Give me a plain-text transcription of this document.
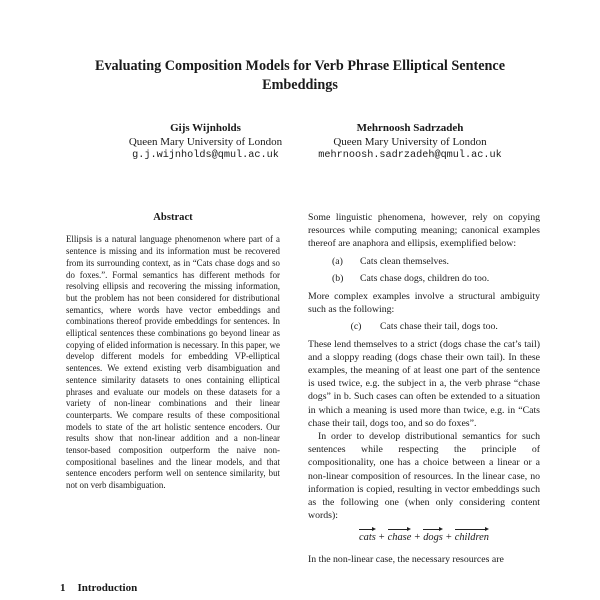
Evaluating Composition Models for Verb Phrase Elliptical Sentence Embeddings
Gijs Wijnholds
Queen Mary University of London
g.j.wijnholds@qmul.ac.uk
Mehrnoosh Sadrzadeh
Queen Mary University of London
mehrnoosh.sadrzadeh@qmul.ac.uk
Abstract
Ellipsis is a natural language phenomenon where part of a sentence is missing and its information must be recovered from its surrounding context, as in “Cats chase dogs and so do foxes.”. Formal semantics has different methods for resolving ellipsis and recovering the missing information, but the problem has not been considered for distributional semantics, where words have vector embeddings and combinations thereof provide embeddings for sentences. In elliptical sentences these combinations go beyond linear as copying of elided information is necessary. In this paper, we develop different models for embedding VP-elliptical sentences. We extend existing verb disambiguation and sentence similarity datasets to ones containing elliptical phrases and evaluate our models on these datasets for a variety of non-linear combinations and their linear counterparts. We compare results of these compositional models to state of the art holistic sentence encoders. Our results show that non-linear addition and a non-linear tensor-based composition outperform the naive non-compositional baselines and the linear models, and that sentence encoders perform well on sentence similarity, but not on verb disambiguation.
1 Introduction

Some linguistic phenomena, however, rely on copying resources while computing meaning; canonical examples thereof are anaphora and ellipsis, exemplified below:

(a) Cats clean themselves.
(b) Cats chase dogs, children do too.

More complex examples involve a structural ambiguity such as the following:

(c) Cats chase their tail, dogs too.

These lend themselves to a strict (dogs chase the cat’s tail) and a sloppy reading (dogs chase their own tail). In these examples, the meaning of at least one part of the sentence is used twice, e.g. the subject in a, the verb phrase “chase dogs” in b. Such cases can often be extended to a situation in which a meaning is used more than twice, e.g. in “Cats chase their tail, dogs too, and so do foxes”.

In order to develop distributional semantics for such sentences while respecting the principle of compositionality, one has a choice between a linear or a non-linear composition of resources. In the linear case, no information is copied, resulting in vector embeddings such as the following one (when only considering content words):

cats + chase + dogs + children

In the non-linear case, the necessary resources are
